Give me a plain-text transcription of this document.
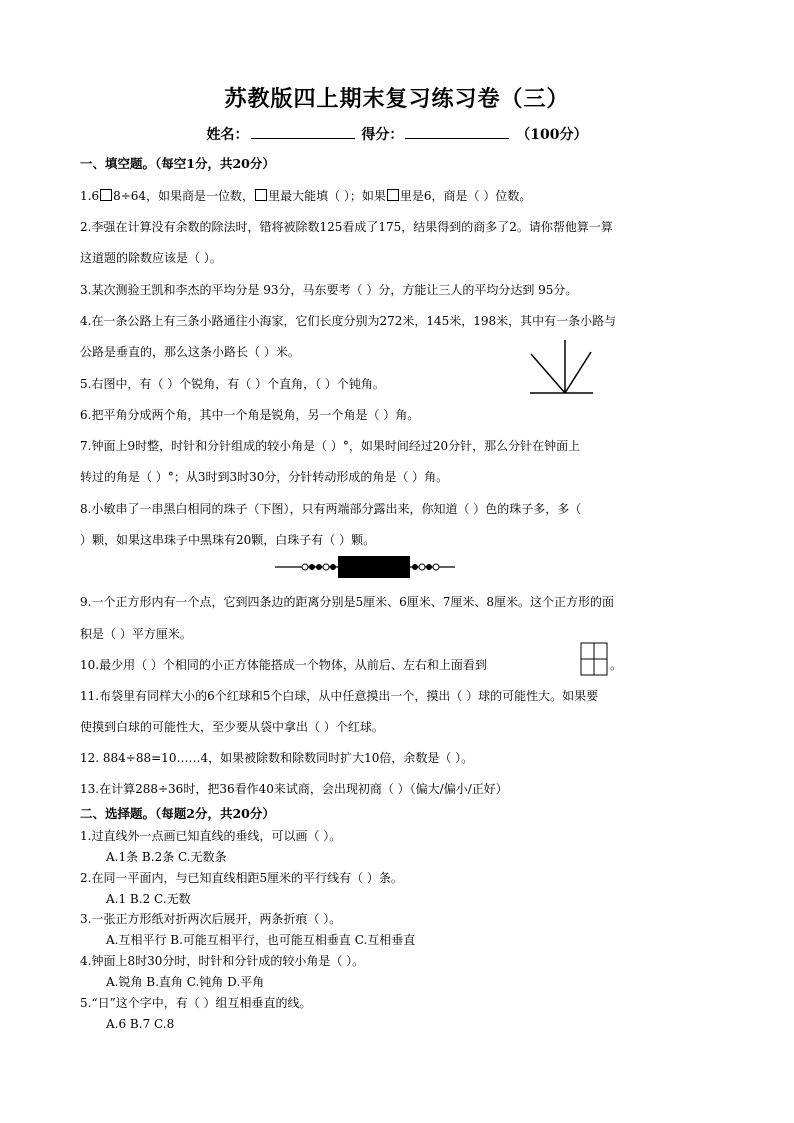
苏教版四上期末复习练习卷（三）
姓名：	得分：	（100分）
一、填空题。（每空1分，共20分）
1.6 8÷64，如果商是一位数， 里最大能填（ ）；如果 里是6，商是（ ）位数。
2.李强在计算没有余数的除法时，错将被除数125看成了175，结果得到的商多了2。请你帮他算一算
这道题的除数应该是（ ）。
3.某次测验王凯和李杰的平均分是 93分，马东要考（ ）分，方能让三人的平均分达到 95分。
4.在一条公路上有三条小路通往小海家，它们长度分别为272米，145米，198米，其中有一条小路与
公路是垂直的，那么这条小路长（ ）米。
5.右图中，有（ ）个锐角，有（ ）个直角，（ ）个钝角。
6.把平角分成两个角，其中一个角是锐角，另一个角是（ ）角。
7.钟面上9时整，时针和分针组成的较小角是（ ）°，如果时间经过20分针，那么分针在钟面上
转过的角是（ ）°；从3时到3时30分，分针转动形成的角是（ ）角。
8.小敏串了一串黑白相同的珠子（下图），只有两端部分露出来，你知道（ ）色的珠子多，多（
）颗，如果这串珠子中黑珠有20颗，白珠子有（ ）颗。
9.一个正方形内有一个点，它到四条边的距离分别是5厘米、6厘米、7厘米、8厘米。这个正方形的面
积是（ ）平方厘米。
10.最少用（ ）个相同的小正方体能搭成一个物体，从前后、左右和上面看到	。
11.布袋里有同样大小的6个红球和5个白球，从中任意摸出一个，摸出（ ）球的可能性大。如果要
使摸到白球的可能性大，至少要从袋中拿出（ ）个红球。
12. 884÷88=10……4，如果被除数和除数同时扩大10倍，余数是（ ）。
13.在计算288÷36时，把36看作40来试商，会出现初商（ ）（偏大/偏小/正好）
二、选择题。（每题2分，共20分）
1.过直线外一点画已知直线的垂线，可以画（ ）。
A.1条 B.2条 C.无数条
2.在同一平面内，与已知直线相距5厘米的平行线有（ ）条。
A.1 B.2 C.无数
3.一张正方形纸对折两次后展开，两条折痕（ ）。
A.互相平行 B.可能互相平行，也可能互相垂直 C.互相垂直
4.钟面上8时30分时，时针和分针成的较小角是（ ）。
A.锐角 B.直角 C.钝角 D.平角
5.“日”这个字中，有（ ）组互相垂直的线。
A.6 B.7 C.8
